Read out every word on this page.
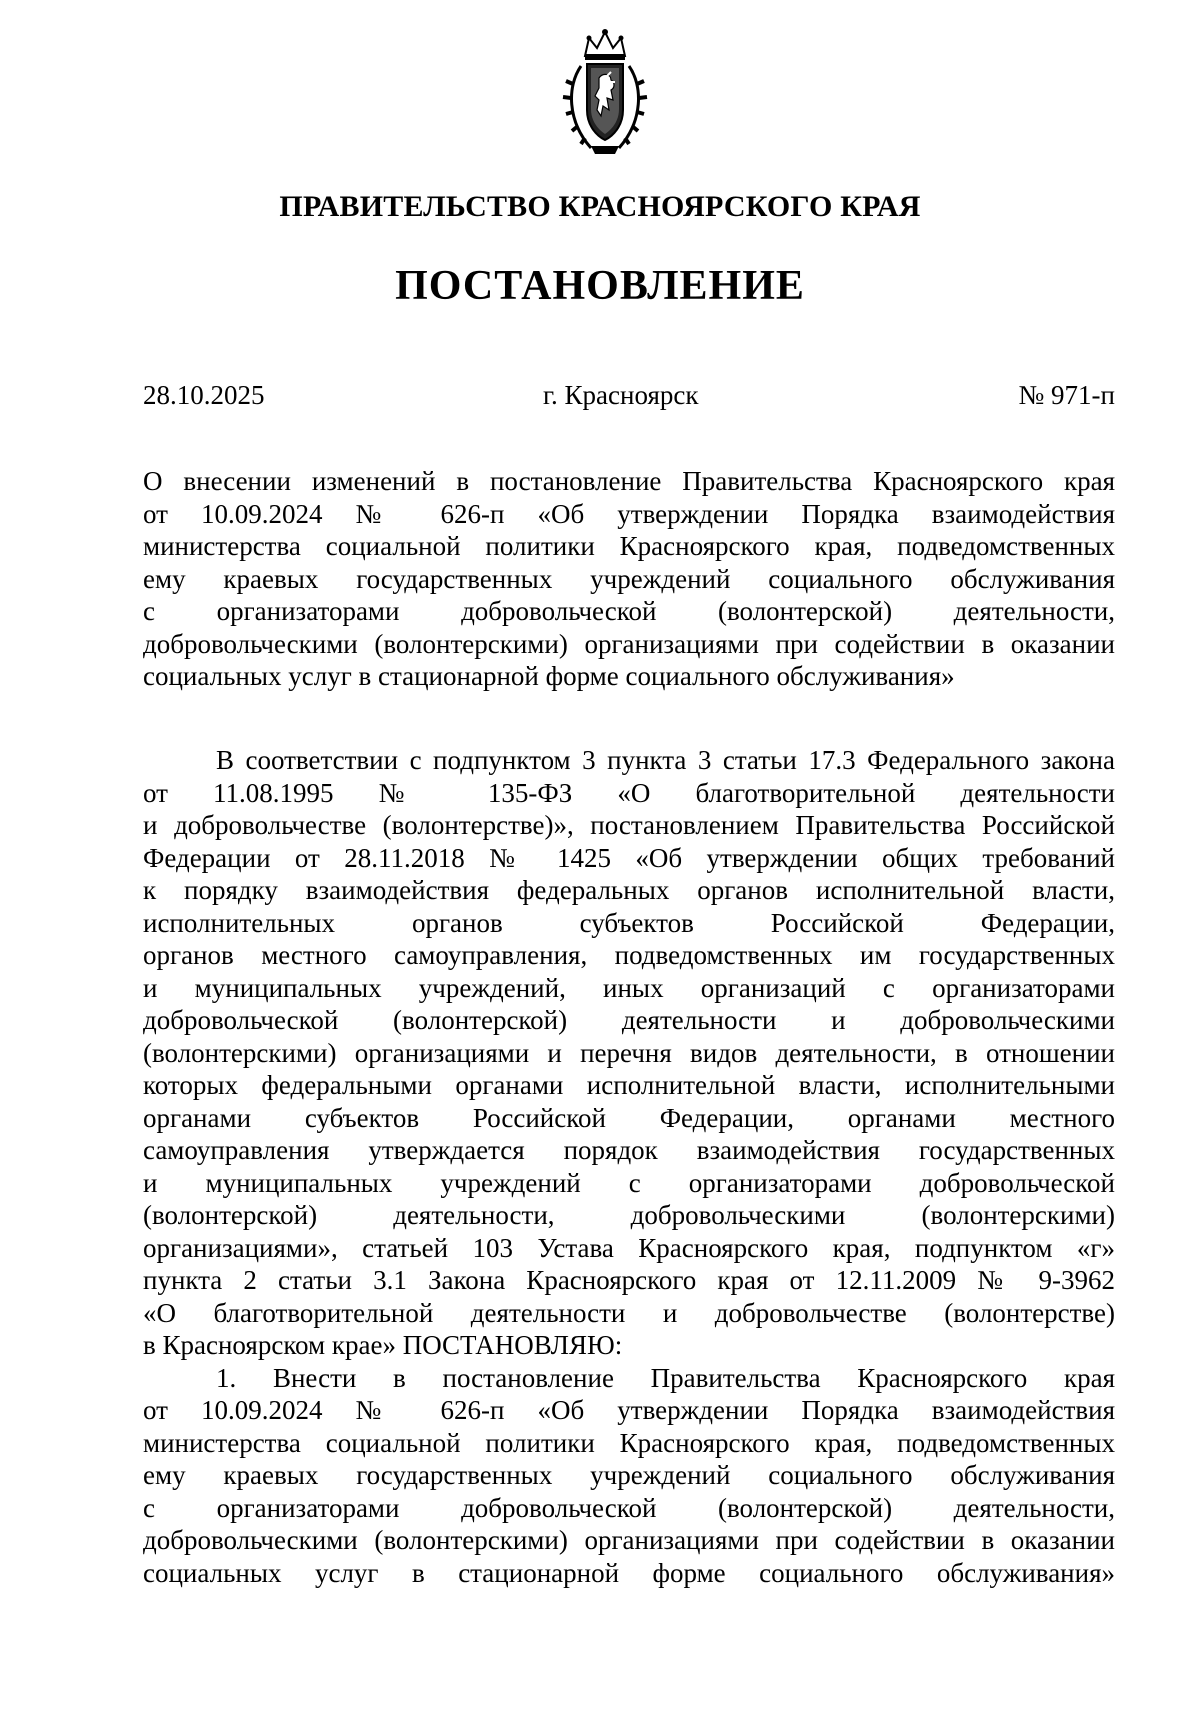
ПРАВИТЕЛЬСТВО КРАСНОЯРСКОГО КРАЯ
ПОСТАНОВЛЕНИЕ
28.10.2025	г. Красноярск	№ 971-п
О внесении изменений в постановление Правительства Красноярского края
от 10.09.2024 № 626-п «Об утверждении Порядка взаимодействия
министерства социальной политики Красноярского края, подведомственных
ему краевых государственных учреждений социального обслуживания
с организаторами добровольческой (волонтерской) деятельности,
добровольческими (волонтерскими) организациями при содействии в оказании
социальных услуг в стационарной форме социального обслуживания»
В соответствии с подпунктом 3 пункта 3 статьи 17.3 Федерального закона
от 11.08.1995 № 135-ФЗ «О благотворительной деятельности
и добровольчестве (волонтерстве)», постановлением Правительства Российской
Федерации от 28.11.2018 № 1425 «Об утверждении общих требований
к порядку взаимодействия федеральных органов исполнительной власти,
исполнительных органов субъектов Российской Федерации,
органов местного самоуправления, подведомственных им государственных
и муниципальных учреждений, иных организаций с организаторами
добровольческой (волонтерской) деятельности и добровольческими
(волонтерскими) организациями и перечня видов деятельности, в отношении
которых федеральными органами исполнительной власти, исполнительными
органами субъектов Российской Федерации, органами местного
самоуправления утверждается порядок взаимодействия государственных
и муниципальных учреждений с организаторами добровольческой
(волонтерской) деятельности, добровольческими (волонтерскими)
организациями», статьей 103 Устава Красноярского края, подпунктом «г»
пункта 2 статьи 3.1 Закона Красноярского края от 12.11.2009 № 9-3962
«О благотворительной деятельности и добровольчестве (волонтерстве)
в Красноярском крае» ПОСТАНОВЛЯЮ:
1. Внести в постановление Правительства Красноярского края
от 10.09.2024 № 626-п «Об утверждении Порядка взаимодействия
министерства социальной политики Красноярского края, подведомственных
ему краевых государственных учреждений социального обслуживания
с организаторами добровольческой (волонтерской) деятельности,
добровольческими (волонтерскими) организациями при содействии в оказании
социальных услуг в стационарной форме социального обслуживания»
